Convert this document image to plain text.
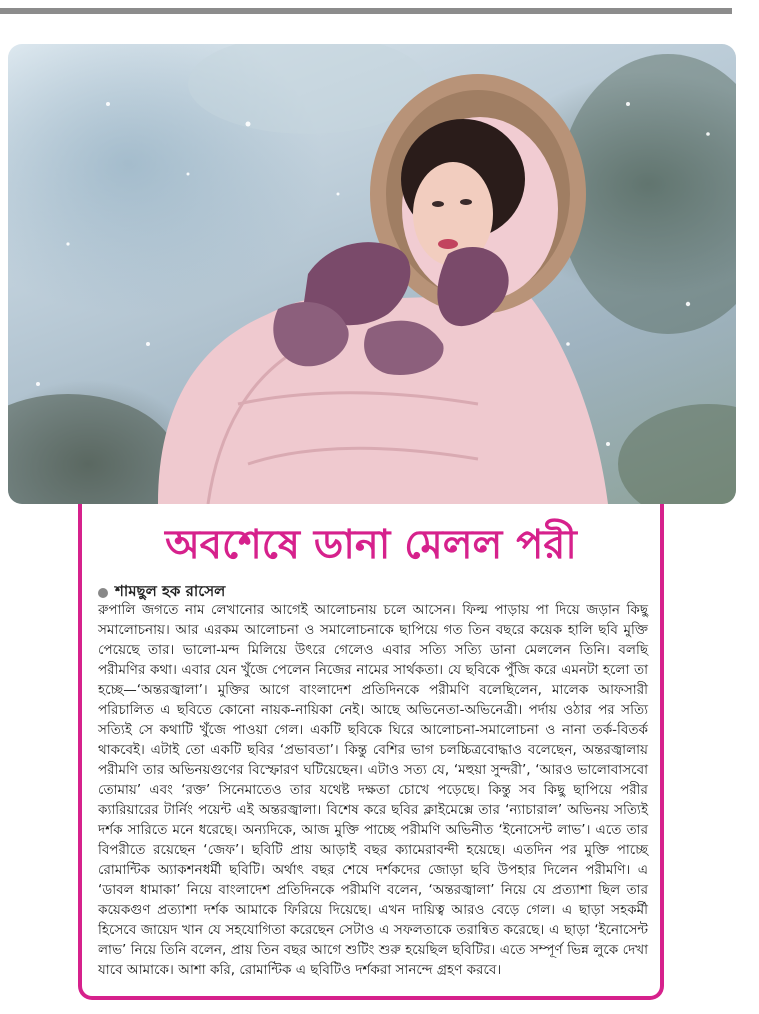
অবশেষে ডানা মেলল পরী
শামছুল হক রাসেল

রুপালি জগতে নাম লেখানোর আগেই আলোচনায় চলে আসেন। ফিল্ম পাড়ায় পা দিয়ে জড়ান কিছু সমালোচনায়। আর এরকম আলোচনা ও সমালোচনাকে ছাপিয়ে গত তিন বছরে কয়েক হালি ছবি মুক্তি পেয়েছে তার। ভালো-মন্দ মিলিয়ে উৎরে গেলেও এবার সত্যি সত্যি ডানা মেললেন তিনি। বলছি পরীমণির কথা। এবার যেন খুঁজে পেলেন নিজের নামের সার্থকতা। যে ছবিকে পুঁজি করে এমনটা হলো তা হচ্ছে—‘অন্তরজ্বালা’। মুক্তির আগে বাংলাদেশ প্রতিদিনকে পরীমণি বলেছিলেন, মালেক আফসারী পরিচালিত এ ছবিতে কোনো নায়ক-নায়িকা নেই। আছে অভিনেতা-অভিনেত্রী। পর্দায় ওঠার পর সত্যি সত্যিই সে কথাটি খুঁজে পাওয়া গেল। একটি ছবিকে ঘিরে আলোচনা-সমালোচনা ও নানা তর্ক-বিতর্ক থাকবেই। এটাই তো একটি ছবির ‘প্রভাবতা’। কিন্তু বেশির ভাগ চলচ্চিত্রবোদ্ধাও বলেছেন, অন্তরজ্বালায় পরীমণি তার অভিনয়গুণের বিস্ফোরণ ঘটিয়েছেন। এটাও সত্য যে, ‘মহুয়া সুন্দরী’, ‘আরও ভালোবাসবো তোমায়’ এবং ‘রক্ত’ সিনেমাতেও তার যথেষ্ট দক্ষতা চোখে পড়েছে। কিন্তু সব কিছু ছাপিয়ে পরীর ক্যারিয়ারের টার্নিং পয়েন্ট এই অন্তরজ্বালা। বিশেষ করে ছবির ক্লাইমেক্সে তার ‘ন্যাচারাল’ অভিনয় সত্যিই দর্শক সারিতে মনে ধরেছে। অন্যদিকে, আজ মুক্তি পাচ্ছে পরীমণি অভিনীত ‘ইনোসেন্ট লাভ’। এতে তার বিপরীতে রয়েছেন ‘জেফ’। ছবিটি প্রায় আড়াই বছর ক্যামেরাবন্দী হয়েছে। এতদিন পর মুক্তি পাচ্ছে রোমান্টিক অ্যাকশনধর্মী ছবিটি। অর্থাৎ বছর শেষে দর্শকদের জোড়া ছবি উপহার দিলেন পরীমণি। এ ‘ডাবল ধামাকা’ নিয়ে বাংলাদেশ প্রতিদিনকে পরীমণি বলেন, ‘অন্তরজ্বালা’ নিয়ে যে প্রত্যাশা ছিল তার কয়েকগুণ প্রত্যাশা দর্শক আমাকে ফিরিয়ে দিয়েছে। এখন দায়িত্ব আরও বেড়ে গেল। এ ছাড়া সহকর্মী হিসেবে জায়েদ খান যে সহযোগিতা করেছেন সেটাও এ সফলতাকে তরান্বিত করেছে। এ ছাড়া ‘ইনোসেন্ট লাভ’ নিয়ে তিনি বলেন, প্রায় তিন বছর আগে শুটিং শুরু হয়েছিল ছবিটির। এতে সম্পূর্ণ ভিন্ন লুকে দেখা যাবে আমাকে। আশা করি, রোমান্টিক এ ছবিটিও দর্শকরা সানন্দে গ্রহণ করবে।
